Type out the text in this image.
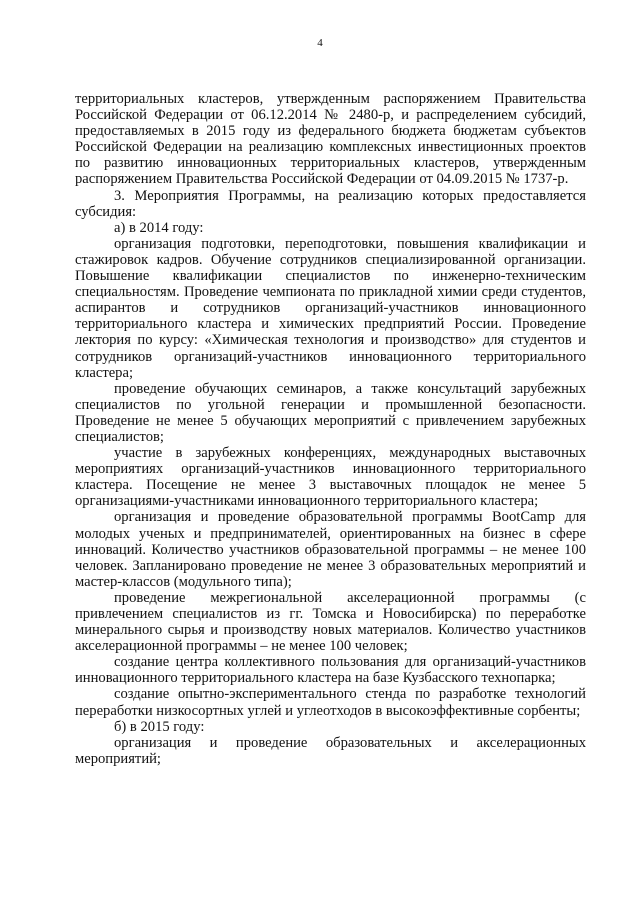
4

территориальных кластеров, утвержденным распоряжением Правительства Российской Федерации от 06.12.2014 № 2480-р, и распределением субсидий, предоставляемых в 2015 году из федерального бюджета бюджетам субъектов Российской Федерации на реализацию комплексных инвестиционных проектов по развитию инновационных территориальных кластеров, утвержденным распоряжением Правительства Российской Федерации от 04.09.2015 № 1737-р.

3. Мероприятия Программы, на реализацию которых предоставляется субсидия:

а) в 2014 году:

организация подготовки, переподготовки, повышения квалификации и стажировок кадров. Обучение сотрудников специализированной организации. Повышение квалификации специалистов по инженерно-техническим специальностям. Проведение чемпионата по прикладной химии среди студентов, аспирантов и сотрудников организаций-участников инновационного территориального кластера и химических предприятий России. Проведение лектория по курсу: «Химическая технология и производство» для студентов и сотрудников организаций-участников инновационного территориального кластера;

проведение обучающих семинаров, а также консультаций зарубежных специалистов по угольной генерации и промышленной безопасности. Проведение не менее 5 обучающих мероприятий с привлечением зарубежных специалистов;

участие в зарубежных конференциях, международных выставочных мероприятиях организаций-участников инновационного территориального кластера. Посещение не менее 3 выставочных площадок не менее 5 организациями-участниками инновационного территориального кластера;

организация и проведение образовательной программы BootCamp для молодых ученых и предпринимателей, ориентированных на бизнес в сфере инноваций. Количество участников образовательной программы – не менее 100 человек. Запланировано проведение не менее 3 образовательных мероприятий и мастер-классов (модульного типа);

проведение межрегиональной акселерационной программы (с привлечением специалистов из гг. Томска и Новосибирска) по переработке минерального сырья и производству новых материалов. Количество участников акселерационной программы – не менее 100 человек;

создание центра коллективного пользования для организаций-участников инновационного территориального кластера на базе Кузбасского технопарка;

создание опытно-экспериментального стенда по разработке технологий переработки низкосортных углей и углеотходов в высокоэффективные сорбенты;

б) в 2015 году:

организация и проведение образовательных и акселерационных мероприятий;
